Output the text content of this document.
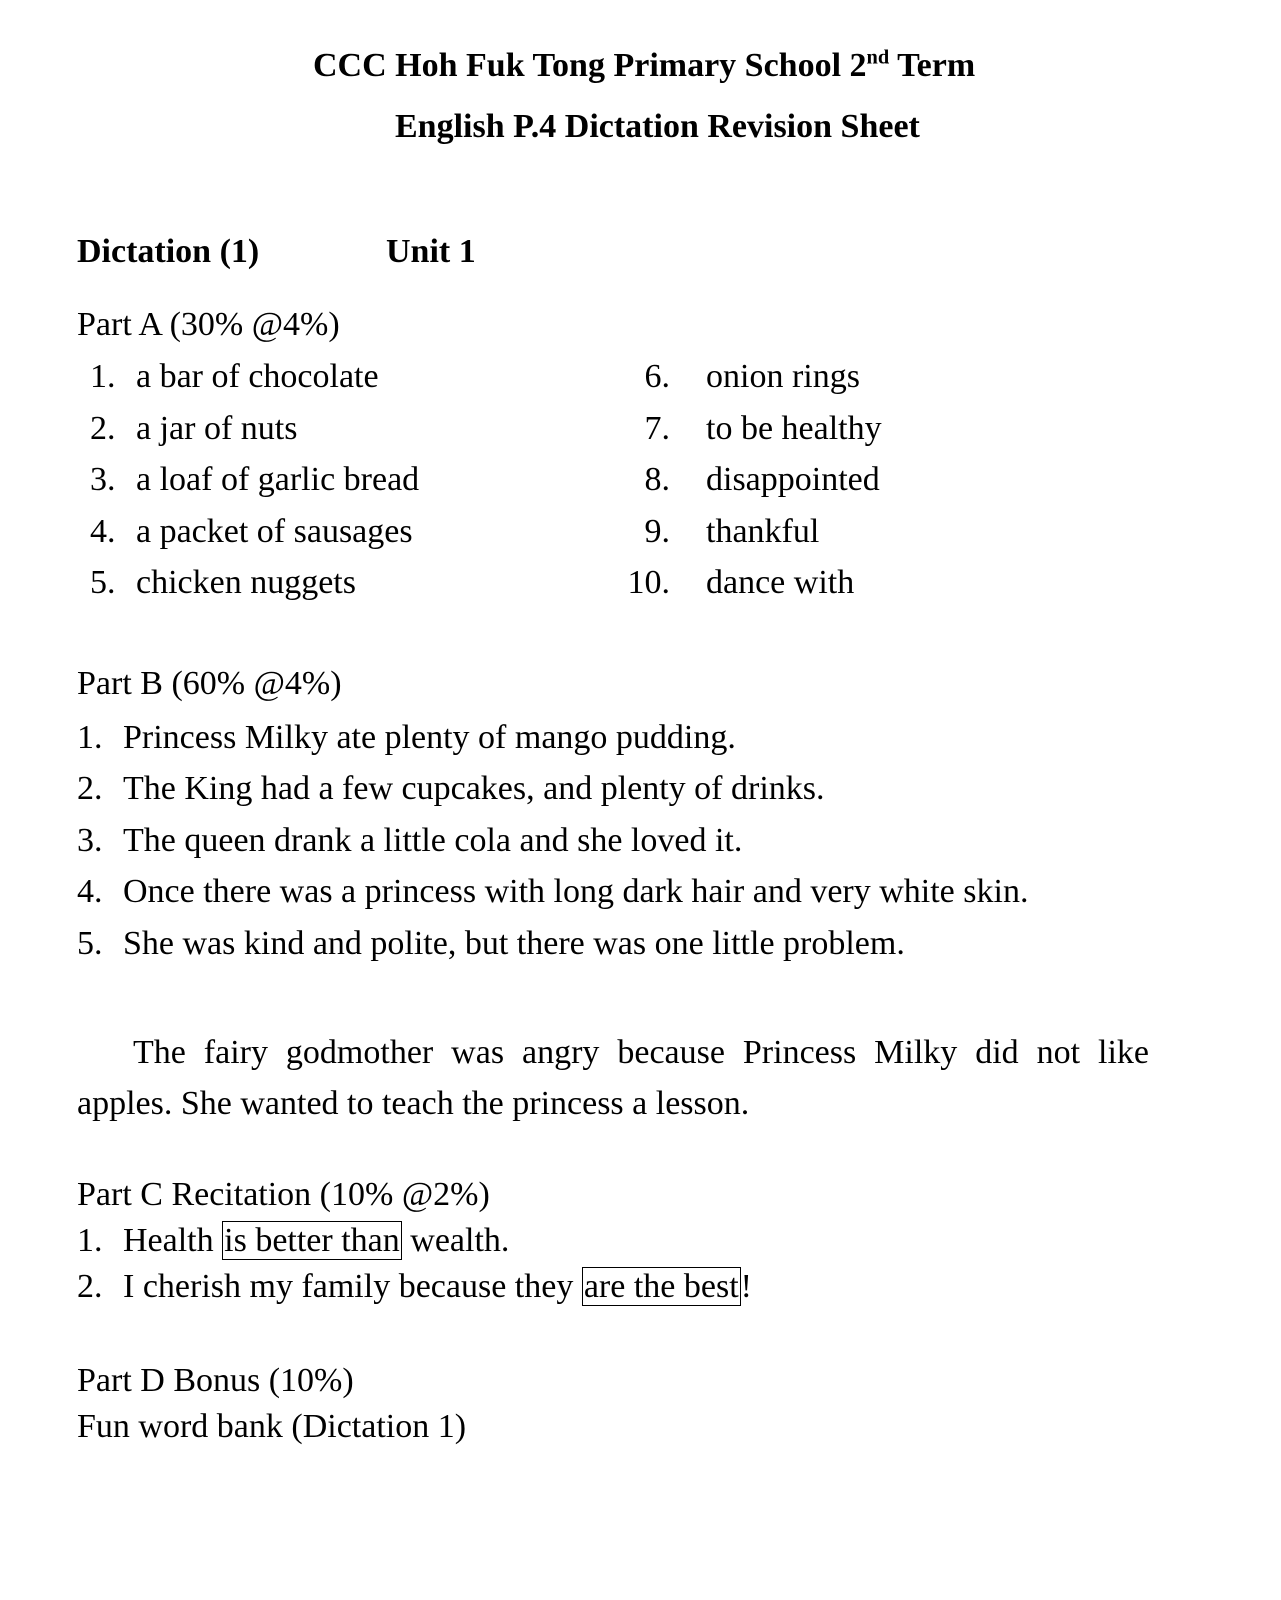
CCC Hoh Fuk Tong Primary School 2nd Term
English P.4 Dictation Revision Sheet
Dictation (1)	Unit 1
Part A (30% @4%)
1. a bar of chocolate
2. a jar of nuts
3. a loaf of garlic bread
4. a packet of sausages
5. chicken nuggets
6. onion rings
7. to be healthy
8. disappointed
9. thankful
10. dance with
Part B (60% @4%)
1. Princess Milky ate plenty of mango pudding.
2. The King had a few cupcakes, and plenty of drinks.
3. The queen drank a little cola and she loved it.
4. Once there was a princess with long dark hair and very white skin.
5. She was kind and polite, but there was one little problem.
The fairy godmother was angry because Princess Milky did not like apples. She wanted to teach the princess a lesson.
Part C Recitation (10% @2%)
1. Health is better than wealth.
2. I cherish my family because they are the best!
Part D Bonus (10%)
Fun word bank (Dictation 1)
